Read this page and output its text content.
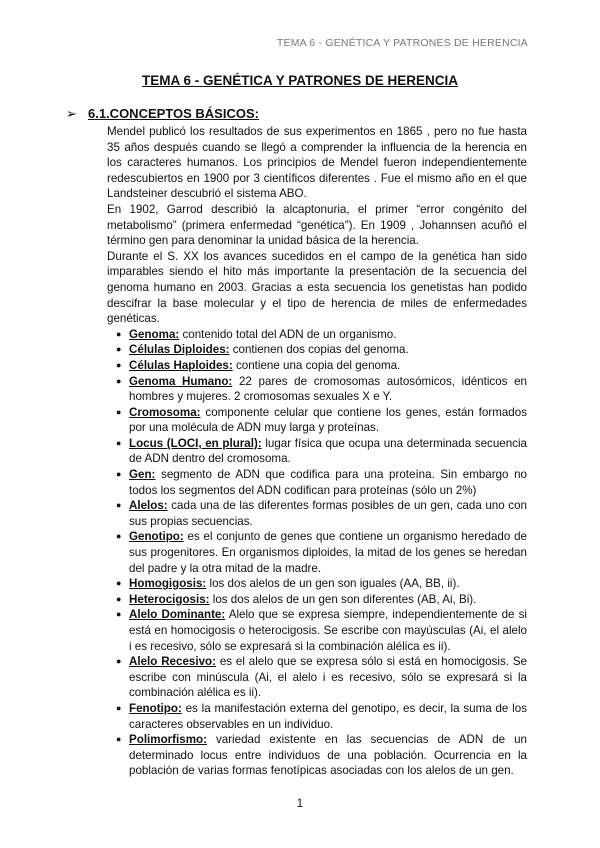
TEMA 6 - GENÉTICA Y PATRONES DE HERENCIA
TEMA 6 - GENÉTICA Y PATRONES DE HERENCIA
➢ 6.1.CONCEPTOS BÁSICOS:

Mendel publicó los resultados de sus experimentos en 1865 , pero no fue hasta 35 años después cuando se llegó a comprender la influencia de la herencia en los caracteres humanos. Los principios de Mendel fueron independientemente redescubiertos en 1900 por 3 científicos diferentes . Fue el mismo año en el que Landsteiner descubrió el sistema ABO.

En 1902, Garrod describió la alcaptonuria, el primer “error congénito del metabolismo” (primera enfermedad “genética”). En 1909 , Johannsen acuñó el término gen para denominar la unidad básica de la herencia.

Durante el S. XX los avances sucedidos en el campo de la genética han sido imparables siendo el hito más importante la presentación de la secuencia del genoma humano en 2003. Gracias a esta secuencia los genetistas han podido descifrar la base molecular y el tipo de herencia de miles de enfermedades genéticas.

● Genoma: contenido total del ADN de un organismo.
● Células Diploides: contienen dos copias del genoma.
● Células Haploides: contiene una copia del genoma.
● Genoma Humano: 22 pares de cromosomas autosómicos, idénticos en hombres y mujeres. 2 cromosomas sexuales X e Y.
● Cromosoma: componente celular que contiene los genes, están formados por una molécula de ADN muy larga y proteínas.
● Locus (LOCI, en plural): lugar física que ocupa una determinada secuencia de ADN dentro del cromosoma.
● Gen: segmento de ADN que codifica para una proteína. Sin embargo no todos los segmentos del ADN codifican para proteínas (sólo un 2%)
● Alelos: cada una de las diferentes formas posibles de un gen, cada uno con sus propias secuencias.
● Genotipo: es el conjunto de genes que contiene un organismo heredado de sus progenitores. En organismos diploides, la mitad de los genes se heredan del padre y la otra mitad de la madre.
● Homogigosis: los dos alelos de un gen son iguales (AA, BB, ii).
● Heterocigosis: los dos alelos de un gen son diferentes (AB, Ai, Bi).
● Alelo Dominante: Alelo que se expresa siempre, independientemente de si está en homocigosis o heterocigosis. Se escribe con mayúsculas (Ai, el alelo i es recesivo, sólo se expresará si la combinación alélica es ii).
● Alelo Recesivo: es el alelo que se expresa sólo si está en homocigosis. Se escribe con minúscula (Ai, el alelo i es recesivo, sólo se expresará si la combinación alélica es ii).
● Fenotipo: es la manifestación externa del genotipo, es decir, la suma de los caracteres observables en un individuo.
● Polimorfismo: variedad existente en las secuencias de ADN de un determinado locus entre individuos de una población. Ocurrencia en la población de varias formas fenotípicas asociadas con los alelos de un gen.
1
